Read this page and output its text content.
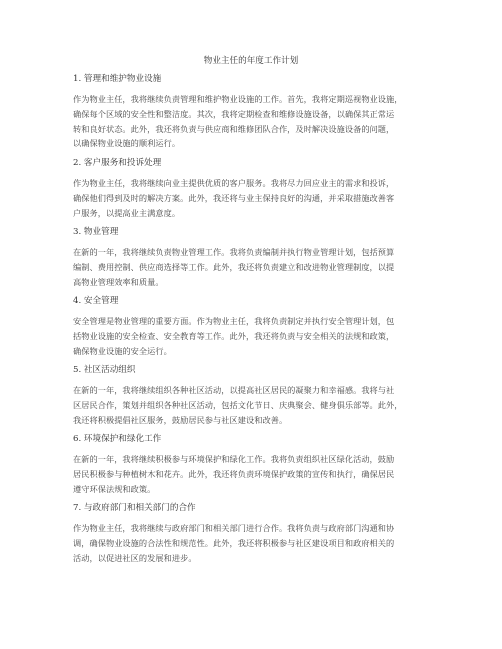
物业主任的年度工作计划
1. 管理和维护物业设施
作为物业主任，我将继续负责管理和维护物业设施的工作。首先，我将定期巡视物业设施，
确保每个区域的安全性和整洁度。其次，我将定期检查和维修设施设备，以确保其正常运
转和良好状态。此外，我还将负责与供应商和维修团队合作，及时解决设施设备的问题，
以确保物业设施的顺利运行。
2. 客户服务和投诉处理
作为物业主任，我将继续向业主提供优质的客户服务。我将尽力回应业主的需求和投诉，
确保他们得到及时的解决方案。此外，我还将与业主保持良好的沟通，并采取措施改善客
户服务，以提高业主满意度。
3. 物业管理
在新的一年，我将继续负责物业管理工作。我将负责编制并执行物业管理计划，包括预算
编制、费用控制、供应商选择等工作。此外，我还将负责建立和改进物业管理制度，以提
高物业管理效率和质量。
4. 安全管理
安全管理是物业管理的重要方面。作为物业主任，我将负责制定并执行安全管理计划，包
括物业设施的安全检查、安全教育等工作。此外，我还将负责与安全相关的法规和政策，
确保物业设施的安全运行。
5. 社区活动组织
在新的一年，我将继续组织各种社区活动，以提高社区居民的凝聚力和幸福感。我将与社
区居民合作，策划并组织各种社区活动，包括文化节日、庆典聚会、健身俱乐部等。此外，
我还将积极提倡社区服务，鼓励居民参与社区建设和改善。
6. 环境保护和绿化工作
在新的一年，我将继续积极参与环境保护和绿化工作。我将负责组织社区绿化活动，鼓励
居民积极参与种植树木和花卉。此外，我还将负责环境保护政策的宣传和执行，确保居民
遵守环保法规和政策。
7. 与政府部门和相关部门的合作
作为物业主任，我将继续与政府部门和相关部门进行合作。我将负责与政府部门沟通和协
调，确保物业设施的合法性和规范性。此外，我还将积极参与社区建设项目和政府相关的
活动，以促进社区的发展和进步。
